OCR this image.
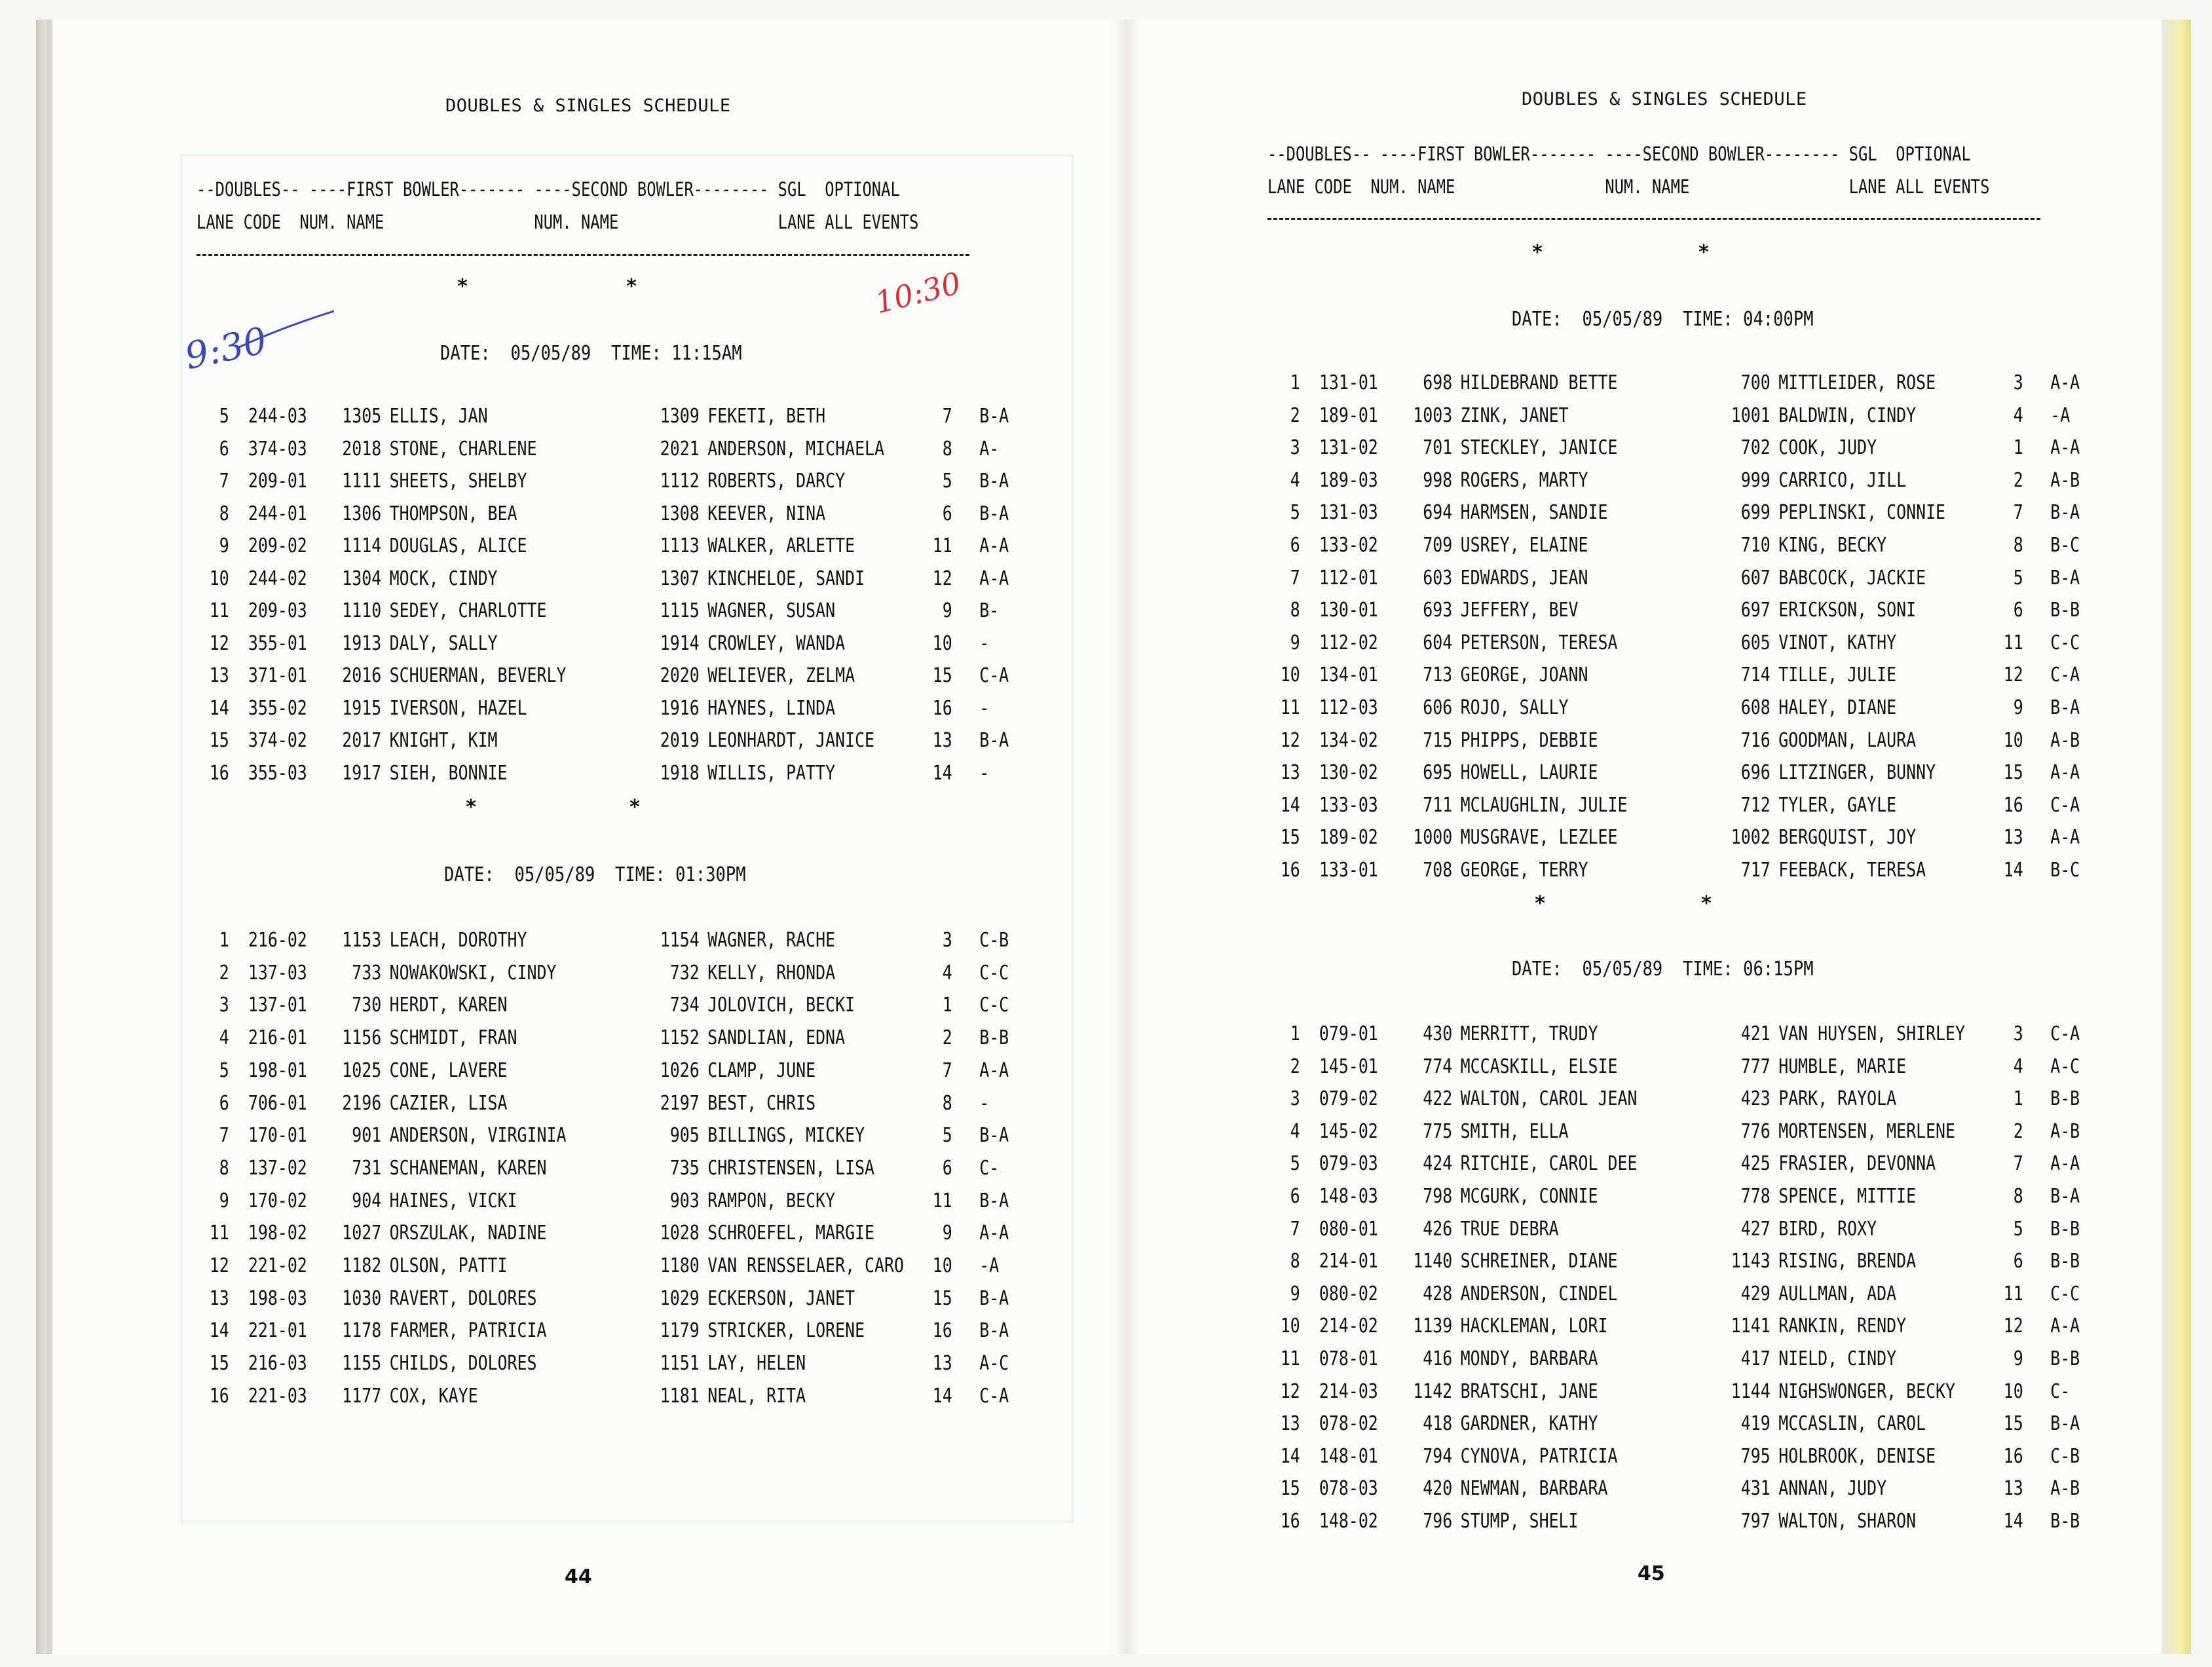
DOUBLES & SINGLES SCHEDULE
--DOUBLES-- ----FIRST BOWLER------- ----SECOND BOWLER-------- SGL  OPTIONAL
LANE CODE  NUM. NAME                NUM. NAME                 LANE ALL EVENTS
*	*
DATE:  05/05/89  TIME: 11:15AM
9:30
10:30
*	*
DATE:  05/05/89  TIME: 01:30PM
44
DOUBLES & SINGLES SCHEDULE
--DOUBLES-- ----FIRST BOWLER------- ----SECOND BOWLER-------- SGL  OPTIONAL
LANE CODE  NUM. NAME                NUM. NAME                 LANE ALL EVENTS
*	*
DATE:  05/05/89  TIME: 04:00PM
*	*
DATE:  05/05/89  TIME: 06:15PM
45
5 244-03	1305 ELLIS, JAN	1309 FEKETI, BETH	7 B-A
6 374-03	2018 STONE, CHARLENE	2021 ANDERSON, MICHAELA	8 A-
7 209-01	1111 SHEETS, SHELBY	1112 ROBERTS, DARCY	5 B-A
8 244-01	1306 THOMPSON, BEA	1308 KEEVER, NINA	6 B-A
9 209-02	1114 DOUGLAS, ALICE	1113 WALKER, ARLETTE	11 A-A
10 244-02	1304 MOCK, CINDY	1307 KINCHELOE, SANDI	12 A-A
11 209-03	1110 SEDEY, CHARLOTTE	1115 WAGNER, SUSAN	9 B-
12 355-01	1913 DALY, SALLY	1914 CROWLEY, WANDA	10 -
13 371-01	2016 SCHUERMAN, BEVERLY	2020 WELIEVER, ZELMA	15 C-A
14 355-02	1915 IVERSON, HAZEL	1916 HAYNES, LINDA	16 -
15 374-02	2017 KNIGHT, KIM	2019 LEONHARDT, JANICE	13 B-A
16 355-03	1917 SIEH, BONNIE	1918 WILLIS, PATTY	14 -
1 216-02	1153 LEACH, DOROTHY	1154 WAGNER, RACHE	3 C-B
2 137-03	733 NOWAKOWSKI, CINDY	732 KELLY, RHONDA	4 C-C
3 137-01	730 HERDT, KAREN	734 JOLOVICH, BECKI	1 C-C
4 216-01	1156 SCHMIDT, FRAN	1152 SANDLIAN, EDNA	2 B-B
5 198-01	1025 CONE, LAVERE	1026 CLAMP, JUNE	7 A-A
6 706-01	2196 CAZIER, LISA	2197 BEST, CHRIS	8 -
7 170-01	901 ANDERSON, VIRGINIA	905 BILLINGS, MICKEY	5 B-A
8 137-02	731 SCHANEMAN, KAREN	735 CHRISTENSEN, LISA	6 C-
9 170-02	904 HAINES, VICKI	903 RAMPON, BECKY	11 B-A
11 198-02	1027 ORSZULAK, NADINE	1028 SCHROEFEL, MARGIE	9 A-A
12 221-02	1182 OLSON, PATTI	1180 VAN RENSSELAER, CARO	10 -A
13 198-03	1030 RAVERT, DOLORES	1029 ECKERSON, JANET	15 B-A
14 221-01	1178 FARMER, PATRICIA	1179 STRICKER, LORENE	16 B-A
15 216-03	1155 CHILDS, DOLORES	1151 LAY, HELEN	13 A-C
16 221-03	1177 COX, KAYE	1181 NEAL, RITA	14 C-A
1 131-01	698 HILDEBRAND BETTE	700 MITTLEIDER, ROSE	3 A-A
2 189-01	1003 ZINK, JANET	1001 BALDWIN, CINDY	4 -A
3 131-02	701 STECKLEY, JANICE	702 COOK, JUDY	1 A-A
4 189-03	998 ROGERS, MARTY	999 CARRICO, JILL	2 A-B
5 131-03	694 HARMSEN, SANDIE	699 PEPLINSKI, CONNIE	7 B-A
6 133-02	709 USREY, ELAINE	710 KING, BECKY	8 B-C
7 112-01	603 EDWARDS, JEAN	607 BABCOCK, JACKIE	5 B-A
8 130-01	693 JEFFERY, BEV	697 ERICKSON, SONI	6 B-B
9 112-02	604 PETERSON, TERESA	605 VINOT, KATHY	11 C-C
10 134-01	713 GEORGE, JOANN	714 TILLE, JULIE	12 C-A
11 112-03	606 ROJO, SALLY	608 HALEY, DIANE	9 B-A
12 134-02	715 PHIPPS, DEBBIE	716 GOODMAN, LAURA	10 A-B
13 130-02	695 HOWELL, LAURIE	696 LITZINGER, BUNNY	15 A-A
14 133-03	711 MCLAUGHLIN, JULIE	712 TYLER, GAYLE	16 C-A
15 189-02	1000 MUSGRAVE, LEZLEE	1002 BERGQUIST, JOY	13 A-A
16 133-01	708 GEORGE, TERRY	717 FEEBACK, TERESA	14 B-C
1 079-01	430 MERRITT, TRUDY	421 VAN HUYSEN, SHIRLEY	3 C-A
2 145-01	774 MCCASKILL, ELSIE	777 HUMBLE, MARIE	4 A-C
3 079-02	422 WALTON, CAROL JEAN	423 PARK, RAYOLA	1 B-B
4 145-02	775 SMITH, ELLA	776 MORTENSEN, MERLENE	2 A-B
5 079-03	424 RITCHIE, CAROL DEE	425 FRASIER, DEVONNA	7 A-A
6 148-03	798 MCGURK, CONNIE	778 SPENCE, MITTIE	8 B-A
7 080-01	426 TRUE DEBRA	427 BIRD, ROXY	5 B-B
8 214-01	1140 SCHREINER, DIANE	1143 RISING, BRENDA	6 B-B
9 080-02	428 ANDERSON, CINDEL	429 AULLMAN, ADA	11 C-C
10 214-02	1139 HACKLEMAN, LORI	1141 RANKIN, RENDY	12 A-A
11 078-01	416 MONDY, BARBARA	417 NIELD, CINDY	9 B-B
12 214-03	1142 BRATSCHI, JANE	1144 NIGHSWONGER, BECKY	10 C-
13 078-02	418 GARDNER, KATHY	419 MCCASLIN, CAROL	15 B-A
14 148-01	794 CYNOVA, PATRICIA	795 HOLBROOK, DENISE	16 C-B
15 078-03	420 NEWMAN, BARBARA	431 ANNAN, JUDY	13 A-B
16 148-02	796 STUMP, SHELI	797 WALTON, SHARON	14 B-B
